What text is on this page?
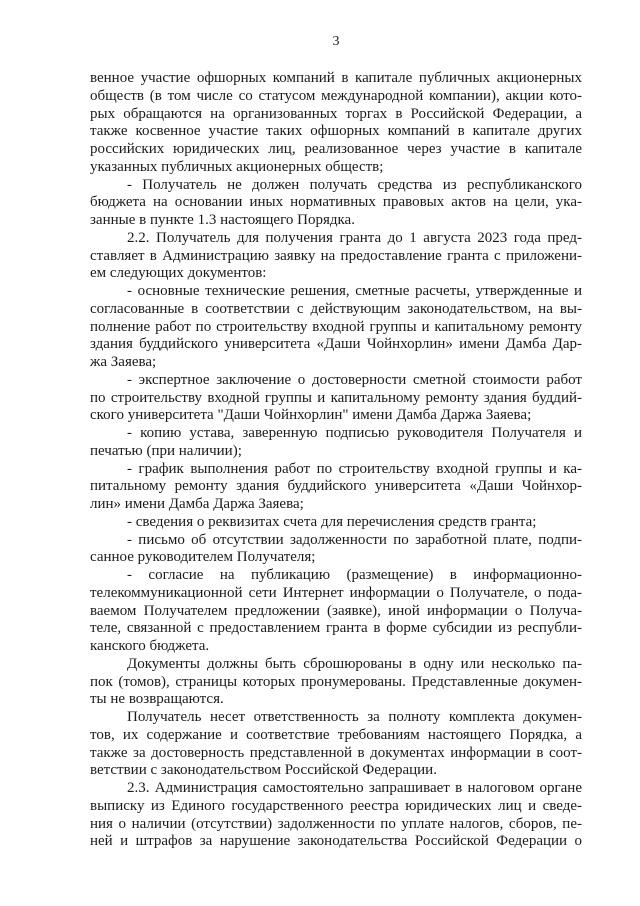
3
венное участие офшорных компаний в капитале публичных акционерных
обществ (в том числе со статусом международной компании), акции кото-
рых обращаются на организованных торгах в Российской Федерации, а
также косвенное участие таких офшорных компаний в капитале других
российских юридических лиц, реализованное через участие в капитале
указанных публичных акционерных обществ;
- Получатель не должен получать средства из республиканского
бюджета на основании иных нормативных правовых актов на цели, ука-
занные в пункте 1.3 настоящего Порядка.
2.2. Получатель для получения гранта до 1 августа 2023 года пред-
ставляет в Администрацию заявку на предоставление гранта с приложени-
ем следующих документов:
- основные технические решения, сметные расчеты, утвержденные и
согласованные в соответствии с действующим законодательством, на вы-
полнение работ по строительству входной группы и капитальному ремонту
здания буддийского университета «Даши Чойнхорлин» имени Дамба Дар-
жа Заяева;
- экспертное заключение о достоверности сметной стоимости работ
по строительству входной группы и капитальному ремонту здания буддий-
ского университета "Даши Чойнхорлин" имени Дамба Даржа Заяева;
- копию устава, заверенную подписью руководителя Получателя и
печатью (при наличии);
- график выполнения работ по строительству входной группы и ка-
питальному ремонту здания буддийского университета «Даши Чойнхор-
лин» имени Дамба Даржа Заяева;
- сведения о реквизитах счета для перечисления средств гранта;
- письмо об отсутствии задолженности по заработной плате, подпи-
санное руководителем Получателя;
- согласие на публикацию (размещение) в информационно-
телекоммуникационной сети Интернет информации о Получателе, о пода-
ваемом Получателем предложении (заявке), иной информации о Получа-
теле, связанной с предоставлением гранта в форме субсидии из республи-
канского бюджета.
Документы должны быть сброшюрованы в одну или несколько па-
пок (томов), страницы которых пронумерованы. Представленные докумен-
ты не возвращаются.
Получатель несет ответственность за полноту комплекта докумен-
тов, их содержание и соответствие требованиям настоящего Порядка, а
также за достоверность представленной в документах информации в соот-
ветствии с законодательством Российской Федерации.
2.3. Администрация самостоятельно запрашивает в налоговом органе
выписку из Единого государственного реестра юридических лиц и сведе-
ния о наличии (отсутствии) задолженности по уплате налогов, сборов, пе-
ней и штрафов за нарушение законодательства Российской Федерации о
